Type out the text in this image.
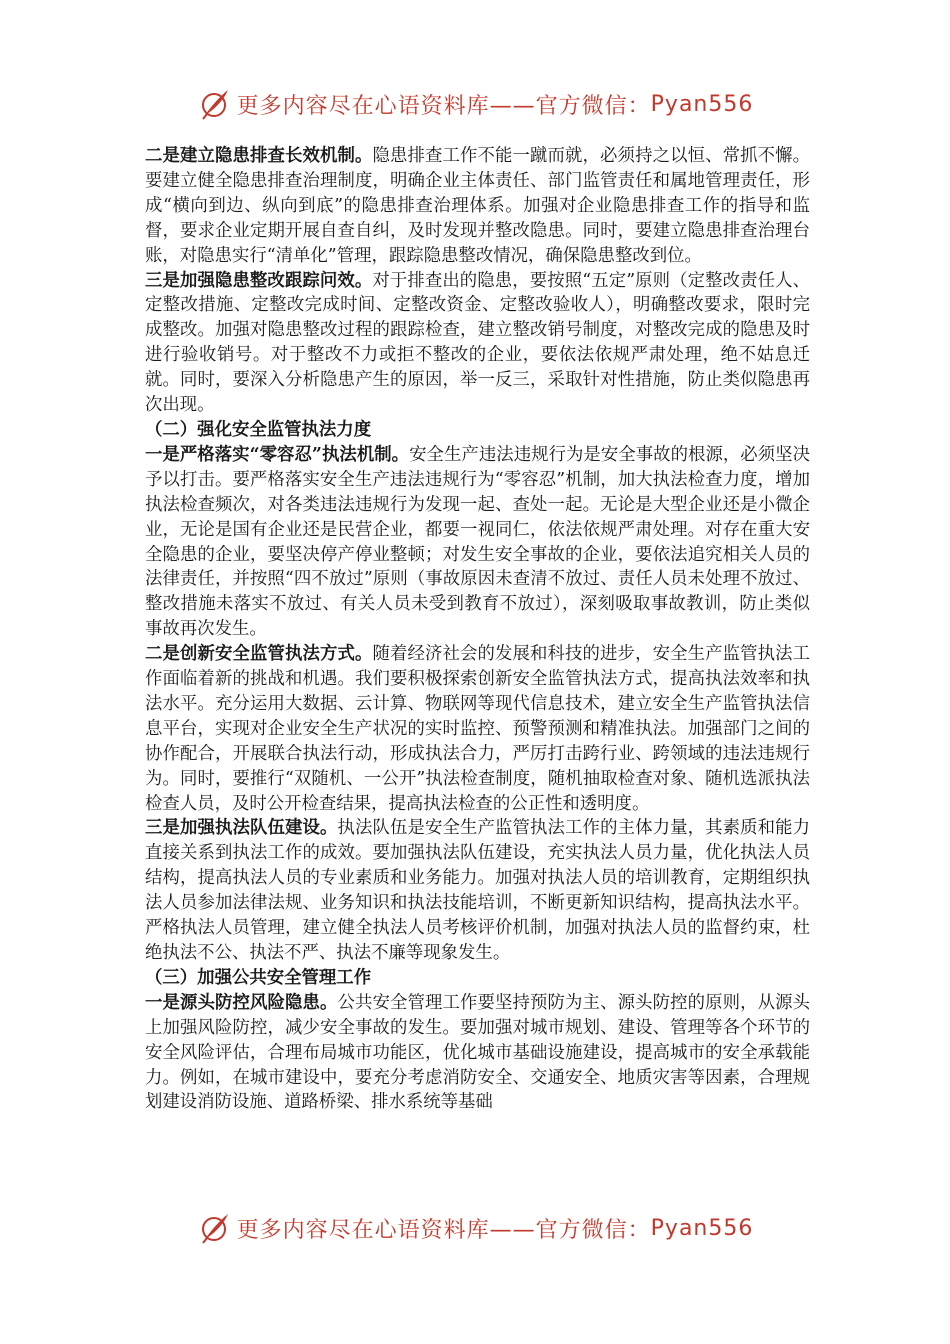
更多内容尽在心语资料库——官方微信： Pyan556

二是建立隐患排查长效机制。隐患排查工作不能一蹴而就，必须持之以恒、常抓不懈。要建立健全隐患排查治理制度，明确企业主体责任、部门监管责任和属地管理责任，形成“横向到边、纵向到底”的隐患排查治理体系。加强对企业隐患排查工作的指导和监督，要求企业定期开展自查自纠，及时发现并整改隐患。同时，要建立隐患排查治理台账，对隐患实行“清单化”管理，跟踪隐患整改情况，确保隐患整改到位。

三是加强隐患整改跟踪问效。对于排查出的隐患，要按照“五定”原则（定整改责任人、定整改措施、定整改完成时间、定整改资金、定整改验收人），明确整改要求，限时完成整改。加强对隐患整改过程的跟踪检查，建立整改销号制度，对整改完成的隐患及时进行验收销号。对于整改不力或拒不整改的企业，要依法依规严肃处理，绝不姑息迁就。同时，要深入分析隐患产生的原因，举一反三，采取针对性措施，防止类似隐患再次出现。

（二）强化安全监管执法力度

一是严格落实“零容忍”执法机制。安全生产违法违规行为是安全事故的根源，必须坚决予以打击。要严格落实安全生产违法违规行为“零容忍”机制，加大执法检查力度，增加执法检查频次，对各类违法违规行为发现一起、查处一起。无论是大型企业还是小微企业，无论是国有企业还是民营企业，都要一视同仁，依法依规严肃处理。对存在重大安全隐患的企业，要坚决停产停业整顿；对发生安全事故的企业，要依法追究相关人员的法律责任，并按照“四不放过”原则（事故原因未查清不放过、责任人员未处理不放过、整改措施未落实不放过、有关人员未受到教育不放过），深刻吸取事故教训，防止类似事故再次发生。

二是创新安全监管执法方式。随着经济社会的发展和科技的进步，安全生产监管执法工作面临着新的挑战和机遇。我们要积极探索创新安全监管执法方式，提高执法效率和执法水平。充分运用大数据、云计算、物联网等现代信息技术，建立安全生产监管执法信息平台，实现对企业安全生产状况的实时监控、预警预测和精准执法。加强部门之间的协作配合，开展联合执法行动，形成执法合力，严厉打击跨行业、跨领域的违法违规行为。同时，要推行“双随机、一公开”执法检查制度，随机抽取检查对象、随机选派执法检查人员，及时公开检查结果，提高执法检查的公正性和透明度。

三是加强执法队伍建设。执法队伍是安全生产监管执法工作的主体力量，其素质和能力直接关系到执法工作的成效。要加强执法队伍建设，充实执法人员力量，优化执法人员结构，提高执法人员的专业素质和业务能力。加强对执法人员的培训教育，定期组织执法人员参加法律法规、业务知识和执法技能培训，不断更新知识结构，提高执法水平。严格执法人员管理，建立健全执法人员考核评价机制，加强对执法人员的监督约束，杜绝执法不公、执法不严、执法不廉等现象发生。

（三）加强公共安全管理工作

一是源头防控风险隐患。公共安全管理工作要坚持预防为主、源头防控的原则，从源头上加强风险防控，减少安全事故的发生。要加强对城市规划、建设、管理等各个环节的安全风险评估，合理布局城市功能区，优化城市基础设施建设，提高城市的安全承载能力。例如，在城市建设中，要充分考虑消防安全、交通安全、地质灾害等因素，合理规划建设消防设施、道路桥梁、排水系统等基础

更多内容尽在心语资料库——官方微信： Pyan556
